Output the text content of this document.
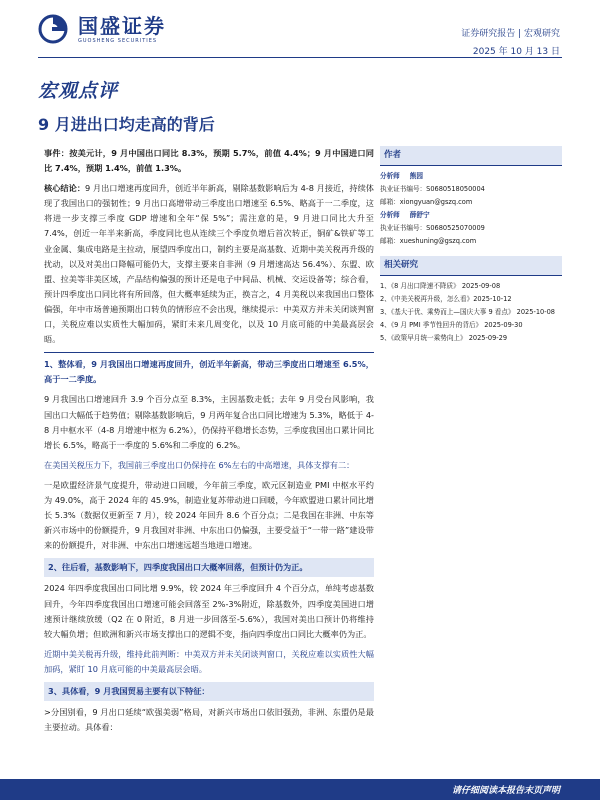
国盛证券
GUOSHENG SECURITIES
证券研究报告 | 宏观研究
2025 年 10 月 13 日
宏观点评
9 月进出口均走高的背后

事件：按美元计，9 月中国出口同比 8.3%，预期 5.7%，前值 4.4%；9 月中国进口同比 7.4%，预期 1.4%，前值 1.3%。

核心结论：9 月出口增速再度回升，创近半年新高，剔除基数影响后为 4-8 月接近，持续体现了我国出口的强韧性；9 月出口高增带动三季度出口增速至 6.5%、略高于一二季度，这将进一步支撑三季度 GDP 增速和全年“保 5%”；需注意的是，9 月进口同比大升至 7.4%，创近一年半来新高，季度同比也从连续三个季度负增后首次转正，铜矿&铁矿等工业金属、集成电路是主拉动，展望四季度出口，制约主要是高基数、近期中美关税再升级的扰动，以及对美出口降幅可能仍大，支撑主要来自非洲（9 月增速高达 56.4%）、东盟、欧盟、拉美等非美区域，产品结构偏强的预计还是电子中间品、机械、交运设备等；综合看，预计四季度出口同比将有所回落，但大概率延续为正，换言之，4 月美税以来我国出口整体偏强，年中市场普遍预期出口转负的情形应不会出现，继续提示：中美双方并未关闭谈判窗口，关税应难以实质性大幅加码，紧盯未来几周变化，以及 10 月底可能的中美最高层会晤。

1、整体看，9 月我国出口增速再度回升，创近半年新高，带动三季度出口增速至 6.5%，高于一二季度。

9 月我国出口增速回升 3.9 个百分点至 8.3%，主因基数走低；去年 9 月受台风影响，我国出口大幅低于趋势值；剔除基数影响后，9 月两年复合出口同比增速为 5.3%，略低于 4-8 月中枢水平（4-8 月增速中枢为 6.2%），仍保持平稳增长态势，三季度我国出口累计同比增长 6.5%，略高于一季度的 5.6%和二季度的 6.2%。

在美国关税压力下，我国前三季度出口仍保持在 6%左右的中高增速，具体支撑有二：

一是欧盟经济景气度提升，带动进口回暖，今年前三季度，欧元区制造业 PMI 中枢水平约为 49.0%，高于 2024 年的 45.9%，制造业复苏带动进口回暖，今年欧盟进口累计同比增长 5.3%（数据仅更新至 7 月），较 2024 年回升 8.6 个百分点；二是我国在非洲、中东等新兴市场中的份额提升，9 月我国对非洲、中东出口仍偏强，主要受益于“一带一路”建设带来的份额提升，对非洲、中东出口增速远超当地进口增速。

2、往后看，基数影响下，四季度我国出口大概率回落，但预计仍为正。

2024 年四季度我国出口同比增 9.9%，较 2024 年三季度回升 4 个百分点，单纯考虑基数回升，今年四季度我国出口增速可能会回落至 2%-3%附近，除基数外，四季度美国进口增速预计继续放缓（Q2 在 0 附近，8 月进一步回落至-5.6%），我国对美出口预计仍将维持较大幅负增；但欧洲和新兴市场支撑出口的逻辑不变，指向四季度出口同比大概率仍为正。

近期中美关税再升级，维持此前判断：中美双方并未关闭谈判窗口，关税应难以实质性大幅加码，紧盯 10 月底可能的中美最高层会晤。

3、具体看，9 月我国贸易主要有以下特征：

>分国别看，9 月出口延续“欧强美弱”格局，对新兴市场出口依旧强劲，非洲、东盟仍是最主要拉动。具体看：

作者
分析师 熊园
执业证书编号：S0680518050004
邮箱：xiongyuan@gszq.com
分析师 薛舒宁
执业证书编号：S0680525070009
邮箱：xueshuning@gszq.com
相关研究
1、《8 月出口降速不降质》 2025-09-08
2、《中美关税再升级，怎么看》2025-10-12
3、《基大于优、乘势而上—国庆大事 9 看点》 2025-10-08
4、《9 月 PMI 季节性回升的背后》 2025-09-30
5、《政策早月统一乘势向上》 2025-09-29
请仔细阅读本报告末页声明
